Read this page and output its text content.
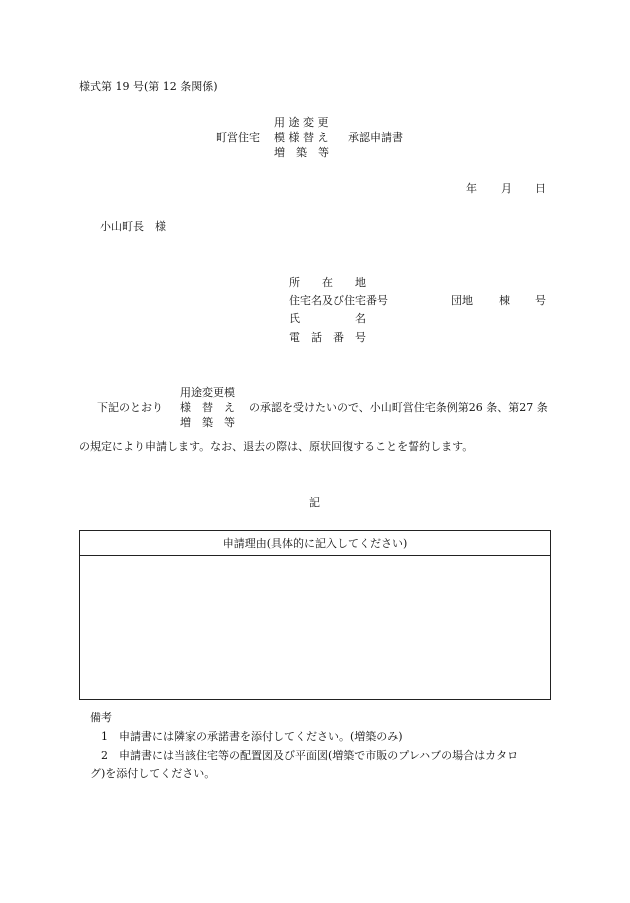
様式第 19 号(第 12 条関係)
用 途 変 更
町営住宅 模 様 替 え 承認申請書
増　築　等
年 月 日
小山町長　様
所　　在　　地
住宅名及び住宅番号	団地 棟 号
氏　　　　　名
電　話　番　号
用途変更模
下記のとおり 様　替　え の承認を受けたいので、小山町営住宅条例第26 条、第27 条
増　築　等
の規定により申請します。なお、退去の際は、原状回復することを誓約します。
記
申請理由(具体的に記入してください)
備考
1　申請書には隣家の承諾書を添付してください。(増築のみ)
2　申請書には当該住宅等の配置図及び平面図(増築で市販のプレハブの場合はカタロ
グ)を添付してください。
